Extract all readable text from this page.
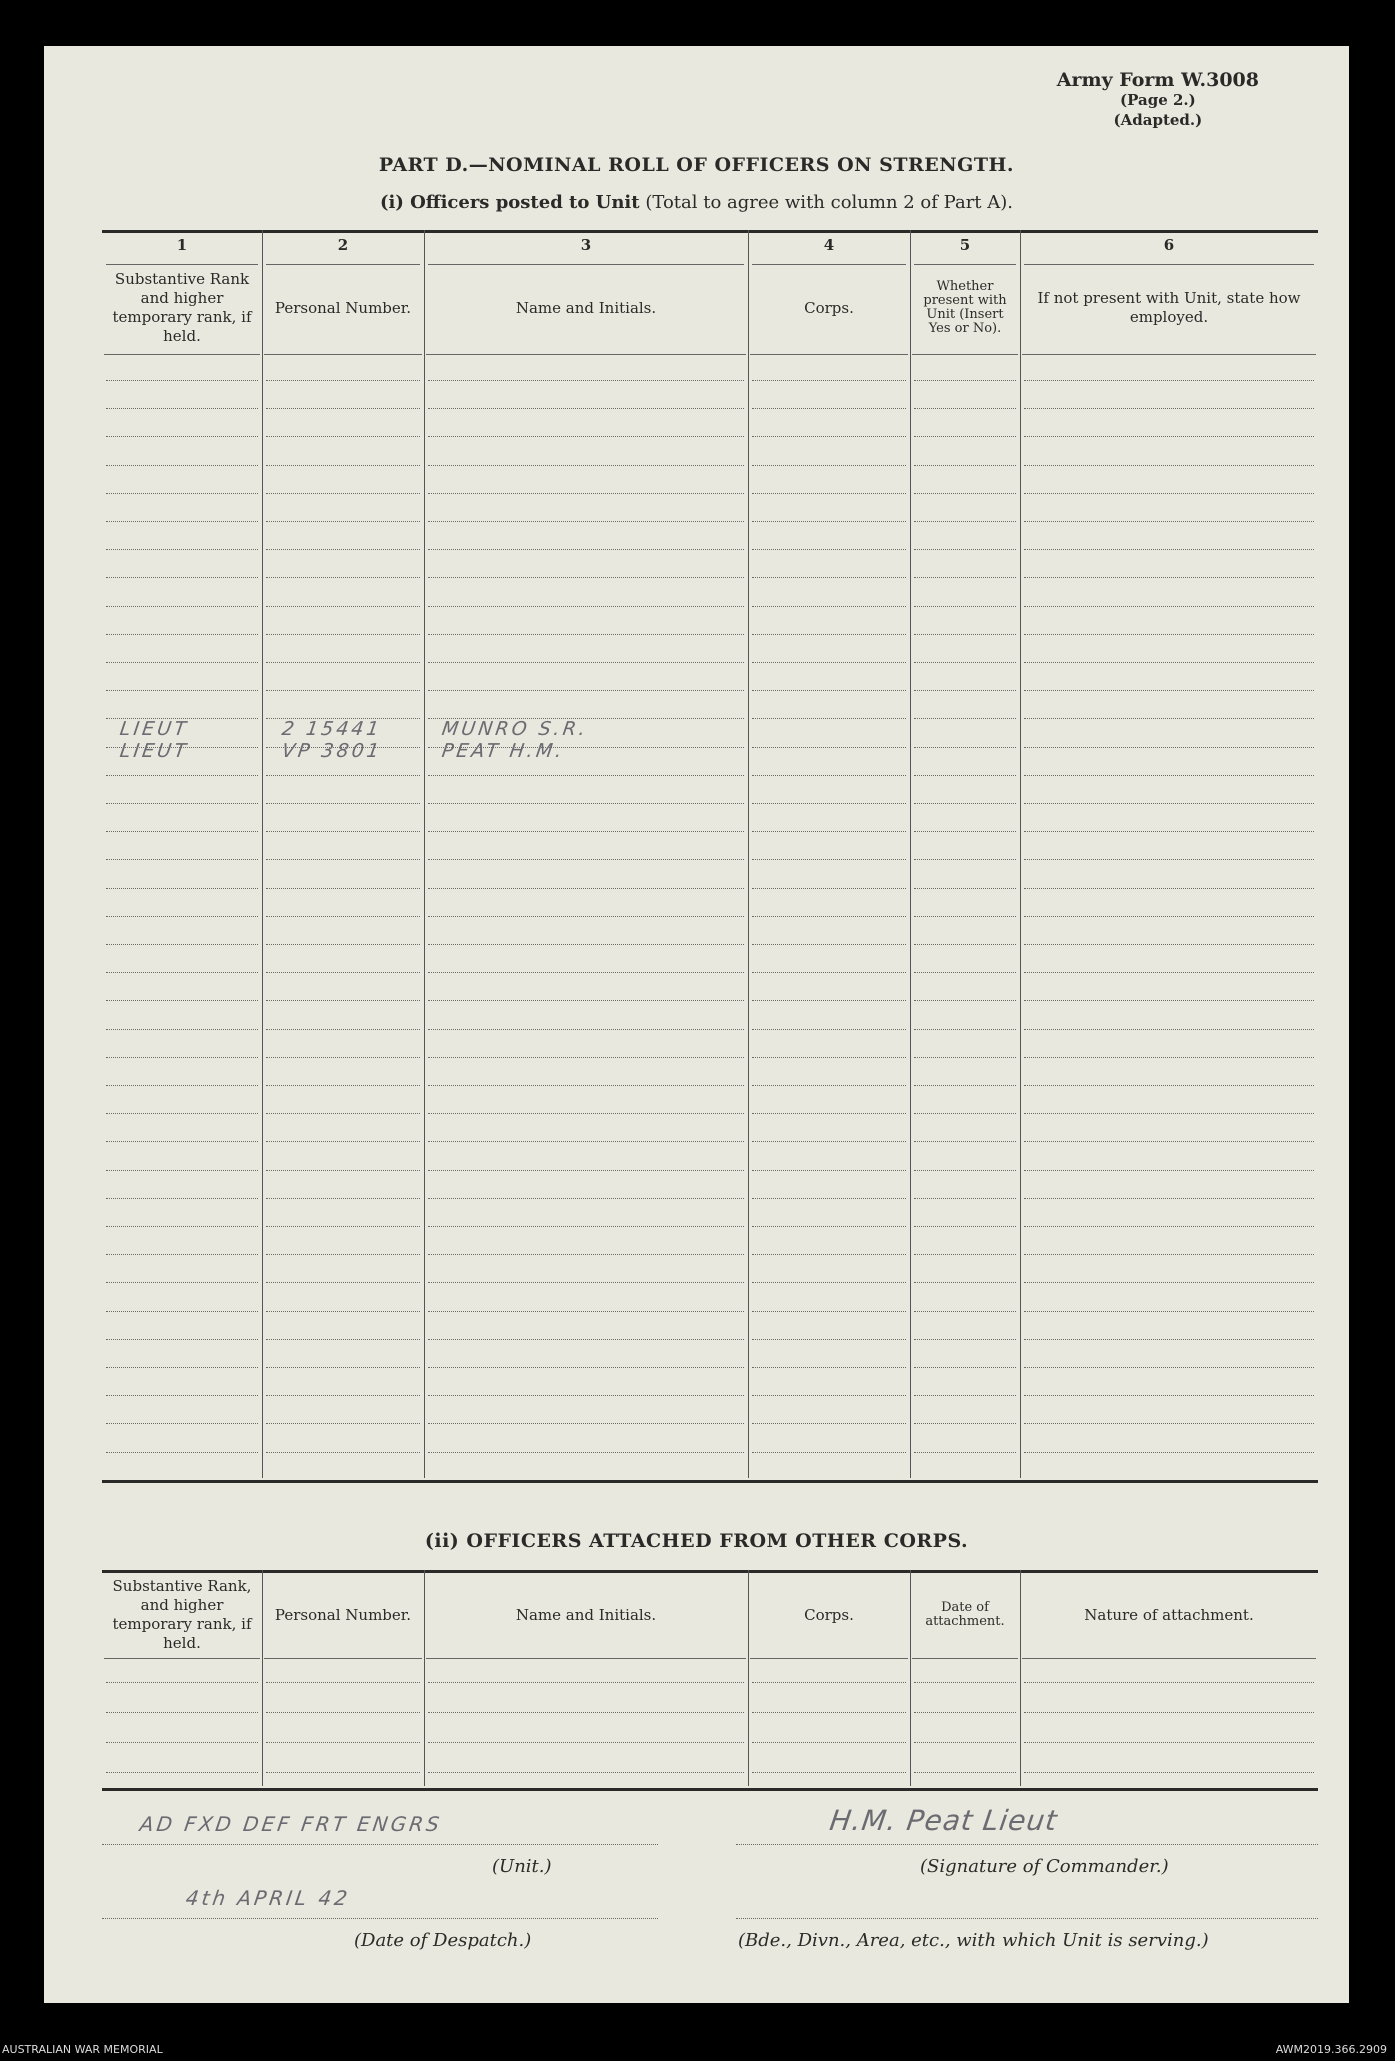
Army Form W.3008
(Page 2.)
(Adapted.)
PART D.—NOMINAL ROLL OF OFFICERS ON STRENGTH.
(i) Officers posted to Unit (Total to agree with column 2 of Part A).
1	2	3	4	5	6
Substantive Rank and higher temporary rank, if held.
Personal Number.	Name and Initials.	Corps.
Whether present with Unit (Insert Yes or No).
If not present with Unit, state how employed.
LIEUT	2 15441	MUNRO S.R.
LIEUT	VP 3801	PEAT H.M.
(ii) OFFICERS ATTACHED FROM OTHER CORPS.
Substantive Rank, and higher temporary rank, if held.
Personal Number.	Name and Initials.	Corps.	Date of attachment.	Nature of attachment.
AD FXD DEF FRT ENGRS
(Unit.)
H.M. Peat Lieut
(Signature of Commander.)
4th APRIL 42
(Date of Despatch.)	(Bde., Divn., Area, etc., with which Unit is serving.)
AUSTRALIAN WAR MEMORIAL	AWM2019.366.2909
